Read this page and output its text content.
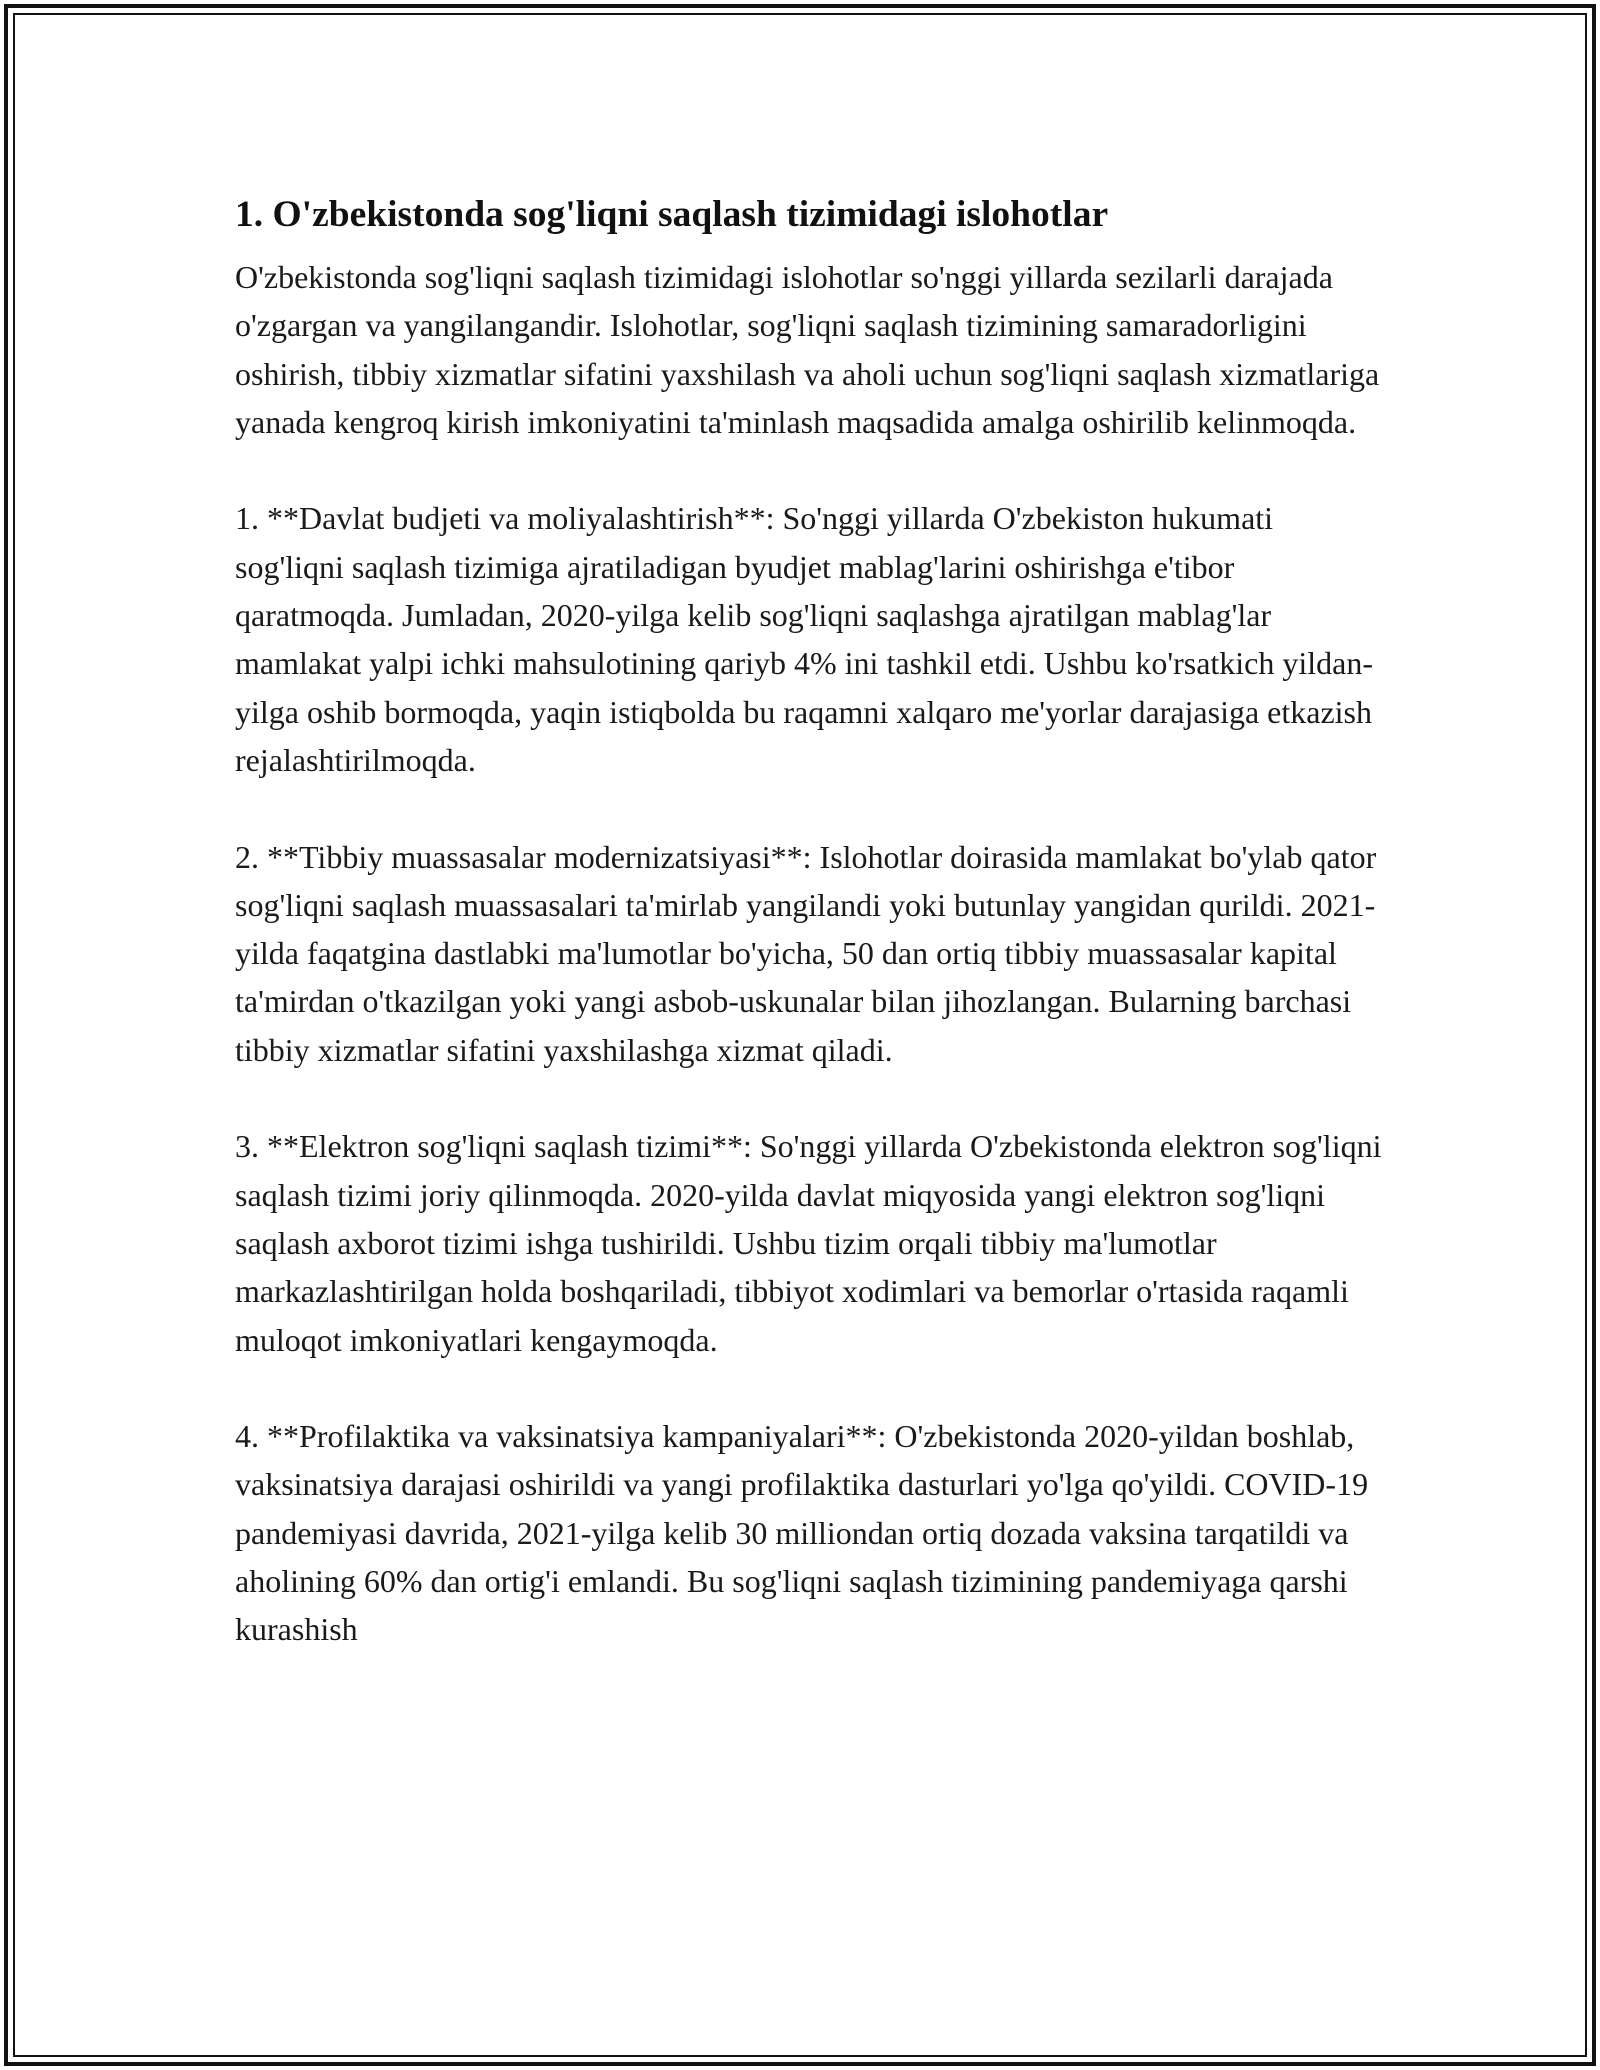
1. O'zbekistonda sog'liqni saqlash tizimidagi islohotlar

O'zbekistonda sog'liqni saqlash tizimidagi islohotlar so'nggi yillarda sezilarli darajada o'zgargan va yangilangandir. Islohotlar, sog'liqni saqlash tizimining samaradorligini oshirish, tibbiy xizmatlar sifatini yaxshilash va aholi uchun sog'liqni saqlash xizmatlariga yanada kengroq kirish imkoniyatini ta'minlash maqsadida amalga oshirilib kelinmoqda.

1. **Davlat budjeti va moliyalashtirish**: So'nggi yillarda O'zbekiston hukumati sog'liqni saqlash tizimiga ajratiladigan byudjet mablag'larini oshirishga e'tibor qaratmoqda. Jumladan, 2020-yilga kelib sog'liqni saqlashga ajratilgan mablag'lar mamlakat yalpi ichki mahsulotining qariyb 4% ini tashkil etdi. Ushbu ko'rsatkich yildan-yilga oshib bormoqda, yaqin istiqbolda bu raqamni xalqaro me'yorlar darajasiga etkazish rejalashtirilmoqda.

2. **Tibbiy muassasalar modernizatsiyasi**: Islohotlar doirasida mamlakat bo'ylab qator sog'liqni saqlash muassasalari ta'mirlab yangilandi yoki butunlay yangidan qurildi. 2021-yilda faqatgina dastlabki ma'lumotlar bo'yicha, 50 dan ortiq tibbiy muassasalar kapital ta'mirdan o'tkazilgan yoki yangi asbob-uskunalar bilan jihozlangan. Bularning barchasi tibbiy xizmatlar sifatini yaxshilashga xizmat qiladi.

3. **Elektron sog'liqni saqlash tizimi**: So'nggi yillarda O'zbekistonda elektron sog'liqni saqlash tizimi joriy qilinmoqda. 2020-yilda davlat miqyosida yangi elektron sog'liqni saqlash axborot tizimi ishga tushirildi. Ushbu tizim orqali tibbiy ma'lumotlar markazlashtirilgan holda boshqariladi, tibbiyot xodimlari va bemorlar o'rtasida raqamli muloqot imkoniyatlari kengaymoqda.

4. **Profilaktika va vaksinatsiya kampaniyalari**: O'zbekistonda 2020-yildan boshlab, vaksinatsiya darajasi oshirildi va yangi profilaktika dasturlari yo'lga qo'yildi. COVID-19 pandemiyasi davrida, 2021-yilga kelib 30 milliondan ortiq dozada vaksina tarqatildi va aholining 60% dan ortig'i emlandi. Bu sog'liqni saqlash tizimining pandemiyaga qarshi kurashish
